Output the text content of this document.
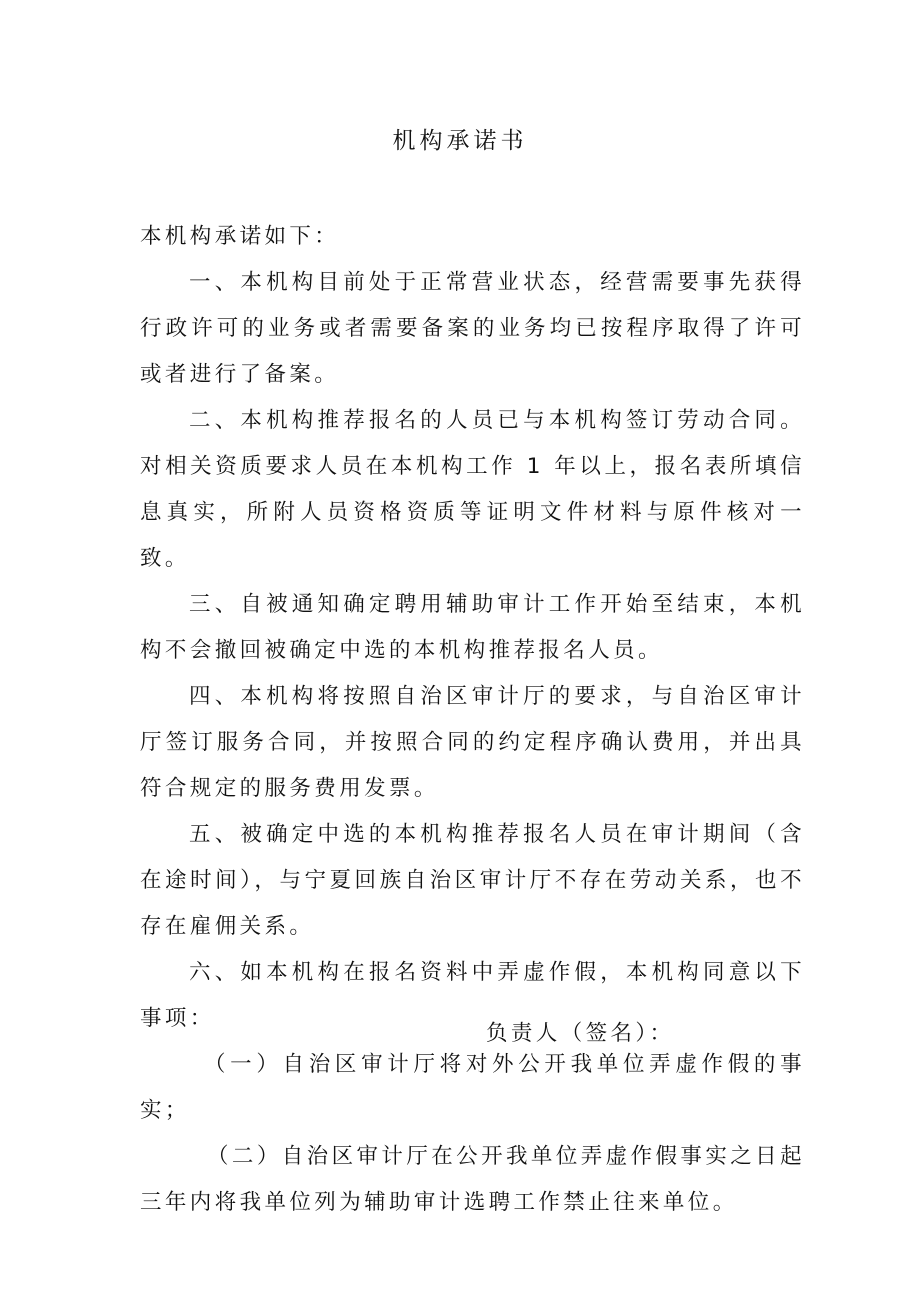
机构承诺书

本机构承诺如下：

一、本机构目前处于正常营业状态，经营需要事先获得行政许可的业务或者需要备案的业务均已按程序取得了许可或者进行了备案。

二、本机构推荐报名的人员已与本机构签订劳动合同。对相关资质要求人员在本机构工作 1 年以上，报名表所填信息真实，所附人员资格资质等证明文件材料与原件核对一致。

三、自被通知确定聘用辅助审计工作开始至结束，本机构不会撤回被确定中选的本机构推荐报名人员。

四、本机构将按照自治区审计厅的要求，与自治区审计厅签订服务合同，并按照合同的约定程序确认费用，并出具符合规定的服务费用发票。

五、被确定中选的本机构推荐报名人员在审计期间（含在途时间），与宁夏回族自治区审计厅不存在劳动关系，也不存在雇佣关系。

六、如本机构在报名资料中弄虚作假，本机构同意以下事项：

（一）自治区审计厅将对外公开我单位弄虚作假的事实；

（二）自治区审计厅在公开我单位弄虚作假事实之日起三年内将我单位列为辅助审计选聘工作禁止往来单位。

负责人（签名）：
